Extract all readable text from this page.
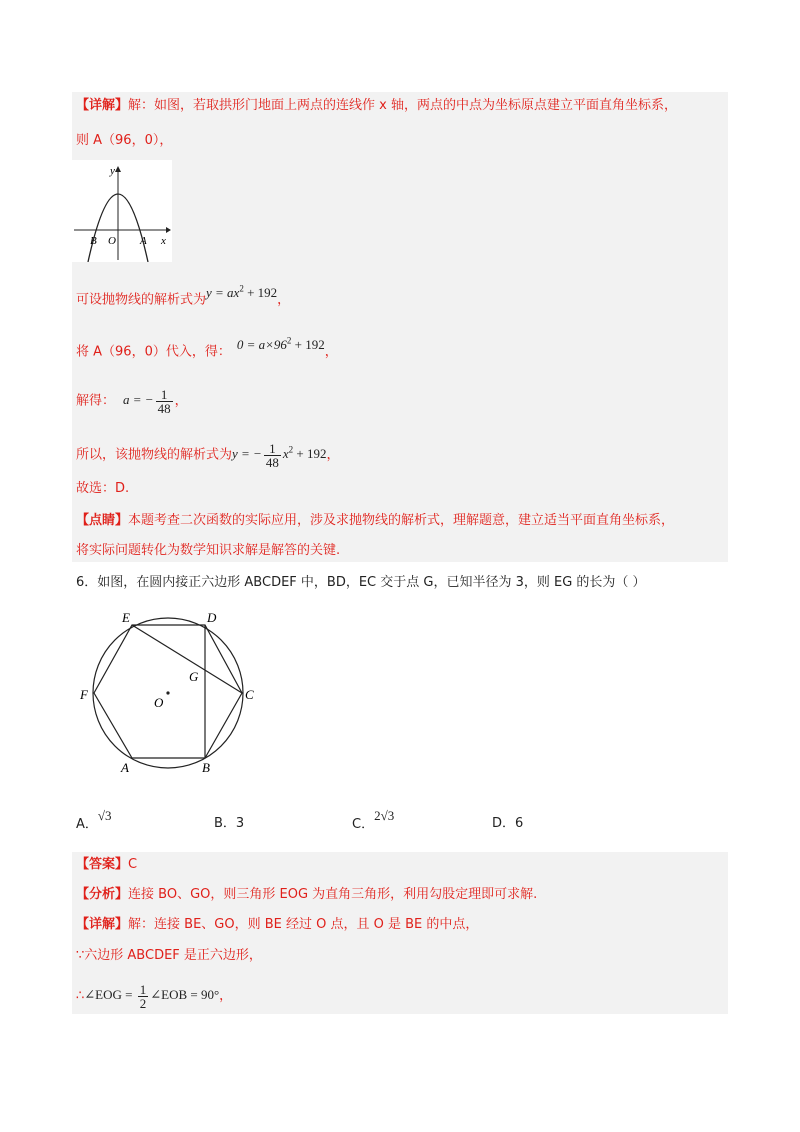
【详解】解：如图，若取拱形门地面上两点的连线作 x 轴，两点的中点为坐标原点建立平面直角坐标系，
则 A（96，0），
y
x
B O A
可设抛物线的解析式为$y = ax^2 + 192$，
将 A（96，0）代入，得： $0 = a\times 96^2 + 192$，
解得： a = − $\frac{1}{48}$ ，
所以，该抛物线的解析式为y = − $\frac{1}{48} x^2 + 192$，
故选：D.
【点睛】本题考查二次函数的实际应用，涉及求抛物线的解析式，理解题意，建立适当平面直角坐标系，
将实际问题转化为数学知识求解是解答的关键.
6．如图，在圆内接正六边形 ABCDEF 中，BD，EC 交于点 G，已知半径为 3，则 EG 的长为（ ）
E	D
F
G
C
O
A	B
A．√3
B．3	C．2√3
D．6
【答案】C
【分析】连接 BO、GO，则三角形 EOG 为直角三角形，利用勾股定理即可求解.
【详解】解：连接 BE、GO，则 BE 经过 O 点，且 O 是 BE 的中点，
∵六边形 ABCDEF 是正六边形，
∴∠EOG = $\frac{1}{2}$ ∠EOB = 90°，
